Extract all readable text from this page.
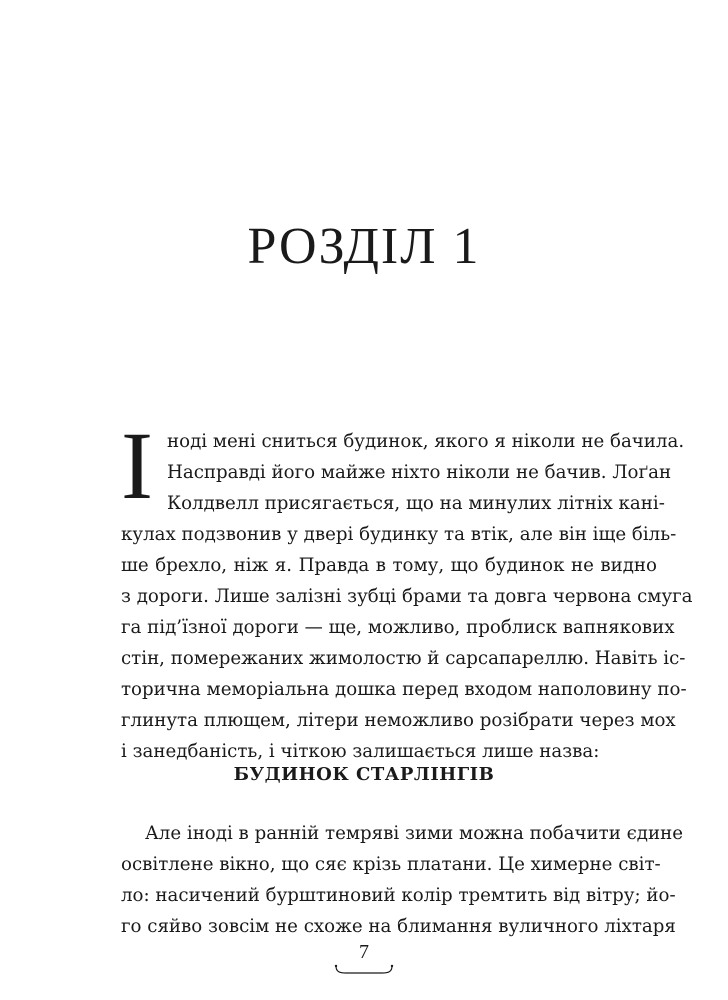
РОЗДІЛ 1
І ноді мені сниться будинок, якого я ніколи не бачила.
Насправді його майже ніхто ніколи не бачив. Лоґан
Колдвелл присягається, що на минулих літніх кані-
кулах подзвонив у двері будинку та втік, але він іще біль-
ше брехло, ніж я. Правда в тому, що будинок не видно
з дороги. Лише залізні зубці брами та довга червона смуга
га під’їзної дороги — ще, можливо, проблиск вапнякових
стін, помережаних жимолостю й сарсапареллю. Навіть іс-
торична меморіальна дошка перед входом наполовину по-
глинута плющем, літери неможливо розібрати через мох
і занедбаність, і чіткою залишається лише назва:
БУДИНОК СТАРЛІНГІВ
Але іноді в ранній темряві зими можна побачити єдине
освітлене вікно, що сяє крізь платани. Це химерне світ-
ло: насичений бурштиновий колір тремтить від вітру; йо-
го сяйво зовсім не схоже на блимання вуличного ліхтаря
7
